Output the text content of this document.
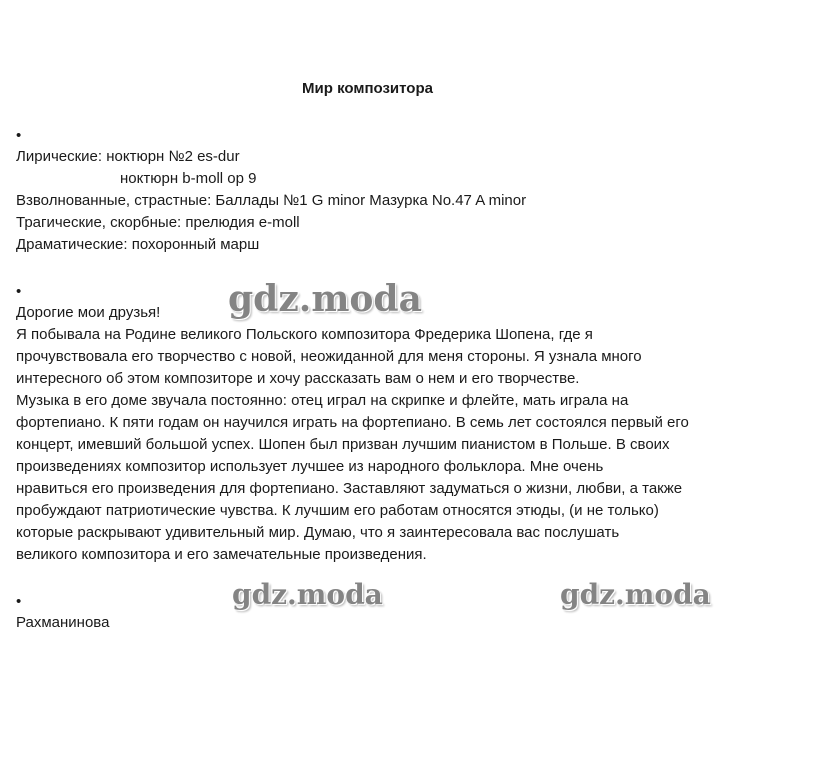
Мир композитора
•
Лирические: ноктюрн №2 es-dur
ноктюрн b-moll op 9
Взволнованные, страстные: Баллады №1 G minor Мазурка No.47 A minor
Трагические, скорбные: прелюдия e-moll
Драматические: похоронный марш
•
Дорогие мои друзья!
Я побывала на Родине великого Польского композитора Фредерика Шопена, где я
прочувствовала его творчество с новой, неожиданной для меня стороны. Я узнала много
интересного об этом композиторе и хочу рассказать вам о нем и его творчестве.
Музыка в его доме звучала постоянно: отец играл на скрипке и флейте, мать играла на
фортепиано. К пяти годам он научился играть на фортепиано. В семь лет состоялся первый его
концерт, имевший большой успех. Шопен был призван лучшим пианистом в Польше. В своих
произведениях композитор использует лучшее из народного фольклора. Мне очень
нравиться его произведения для фортепиано. Заставляют задуматься о жизни, любви, а также
пробуждают патриотические чувства. К лучшим его работам относятся этюды, (и не только)
которые раскрывают удивительный мир. Думаю, что я заинтересовала вас послушать
великого композитора и его замечательные произведения.
•
Рахманинова
gdz.moda
gdz.moda	gdz.moda
